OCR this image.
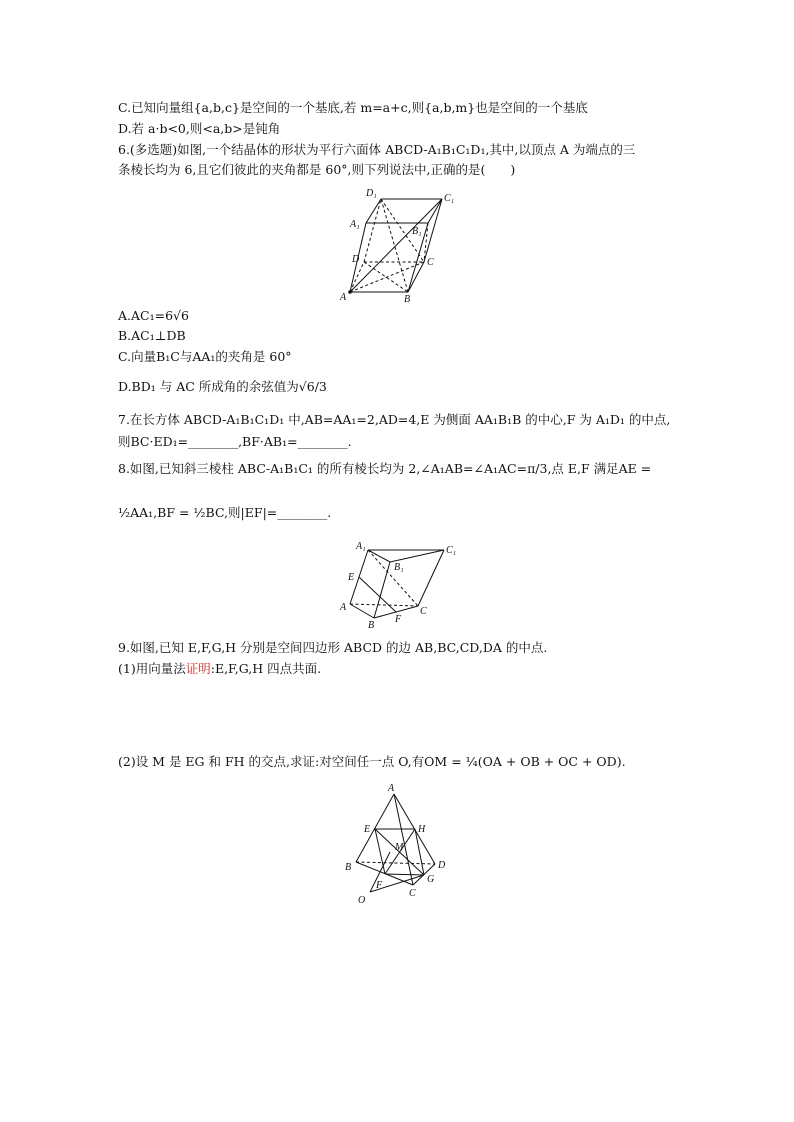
C.已知向量组{a,b,c}是空间的一个基底,若 m=a+c,则{a,b,m}也是空间的一个基底
D.若 a·b<0,则<a,b>是钝角
6.(多选题)如图,一个结晶体的形状为平行六面体 ABCD-A₁B₁C₁D₁,其中,以顶点 A 为端点的三
条棱长均为 6,且它们彼此的夹角都是 60°,则下列说法中,正确的是(　　)
D₁	C₁
A₁
B₁
D	C
A	B
A.AC₁=6√6
B.AC₁⊥DB
C.向量B₁C与AA₁的夹角是 60°
D.BD₁ 与 AC 所成角的余弦值为√6/3
7.在长方体 ABCD-A₁B₁C₁D₁ 中,AB=AA₁=2,AD=4,E 为侧面 AA₁B₁B 的中心,F 为 A₁D₁ 的中点,
则BC·ED₁=________,BF·AB₁=________.
8.如图,已知斜三棱柱 ABC-A₁B₁C₁ 的所有棱长均为 2,∠A₁AB=∠A₁AC=π/3,点 E,F 满足AE =
½AA₁,BF = ½BC,则|EF|=________.
A₁	C₁
B₁
E
A	C
B
F
9.如图,已知 E,F,G,H 分别是空间四边形 ABCD 的边 AB,BC,CD,DA 的中点.
(1)用向量法证明:E,F,G,H 四点共面.
(2)设 M 是 EG 和 FH 的交点,求证:对空间任一点 O,有OM = ¼(OA + OB + OC + OD).
A
E	H
M
B	D
F
G
O
C
